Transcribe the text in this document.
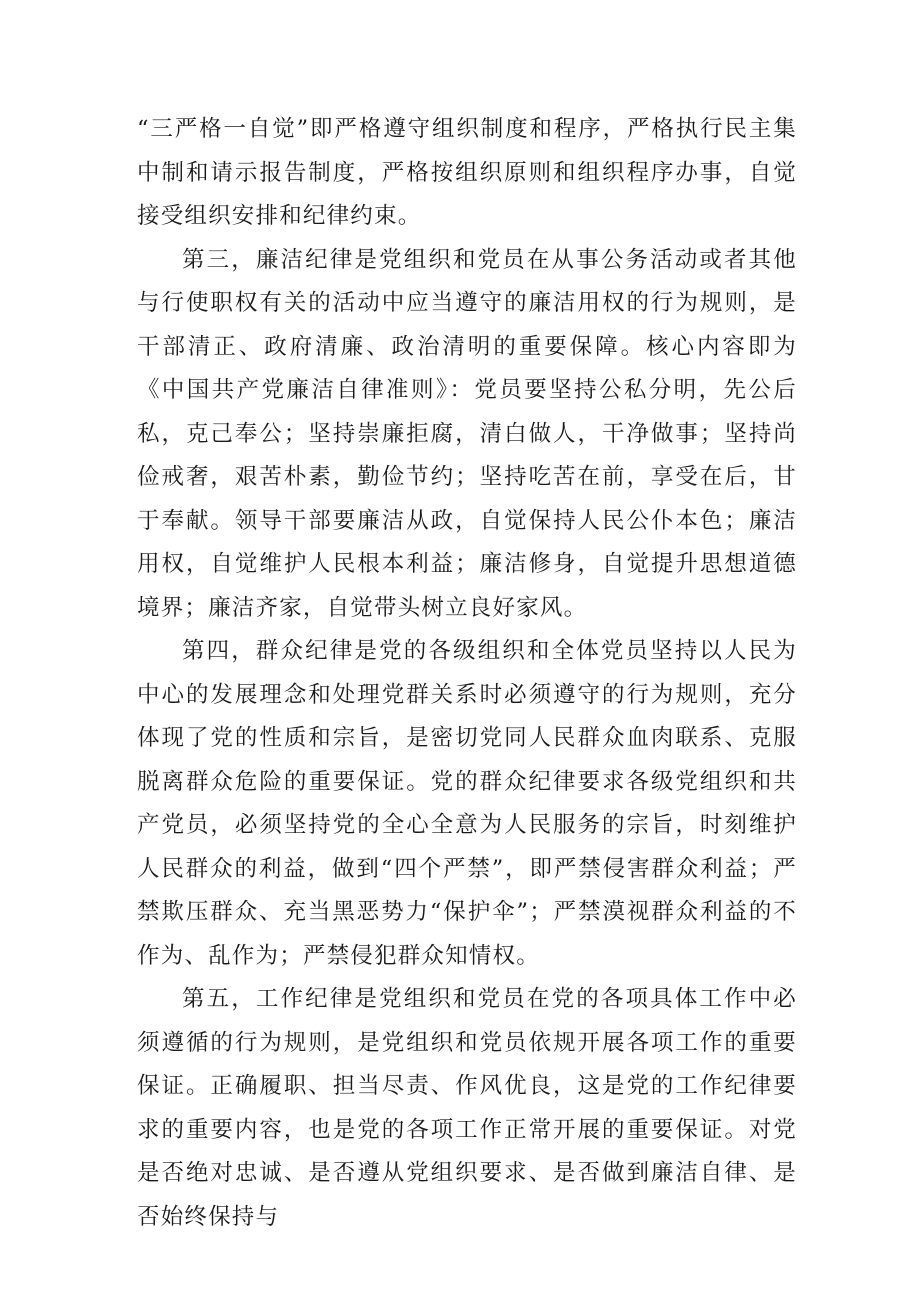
“三严格一自觉”即严格遵守组织制度和程序，严格执行民主集中制和请示报告制度，严格按组织原则和组织程序办事，自觉接受组织安排和纪律约束。

第三，廉洁纪律是党组织和党员在从事公务活动或者其他与行使职权有关的活动中应当遵守的廉洁用权的行为规则，是干部清正、政府清廉、政治清明的重要保障。核心内容即为《中国共产党廉洁自律准则》：党员要坚持公私分明，先公后私，克己奉公；坚持崇廉拒腐，清白做人，干净做事；坚持尚俭戒奢，艰苦朴素，勤俭节约；坚持吃苦在前，享受在后，甘于奉献。领导干部要廉洁从政，自觉保持人民公仆本色；廉洁用权，自觉维护人民根本利益；廉洁修身，自觉提升思想道德境界；廉洁齐家，自觉带头树立良好家风。

第四，群众纪律是党的各级组织和全体党员坚持以人民为中心的发展理念和处理党群关系时必须遵守的行为规则，充分体现了党的性质和宗旨，是密切党同人民群众血肉联系、克服脱离群众危险的重要保证。党的群众纪律要求各级党组织和共产党员，必须坚持党的全心全意为人民服务的宗旨，时刻维护人民群众的利益，做到“四个严禁”，即严禁侵害群众利益；严禁欺压群众、充当黑恶势力“保护伞”；严禁漠视群众利益的不作为、乱作为；严禁侵犯群众知情权。

第五，工作纪律是党组织和党员在党的各项具体工作中必须遵循的行为规则，是党组织和党员依规开展各项工作的重要保证。正确履职、担当尽责、作风优良，这是党的工作纪律要求的重要内容，也是党的各项工作正常开展的重要保证。对党是否绝对忠诚、是否遵从党组织要求、是否做到廉洁自律、是否始终保持与
